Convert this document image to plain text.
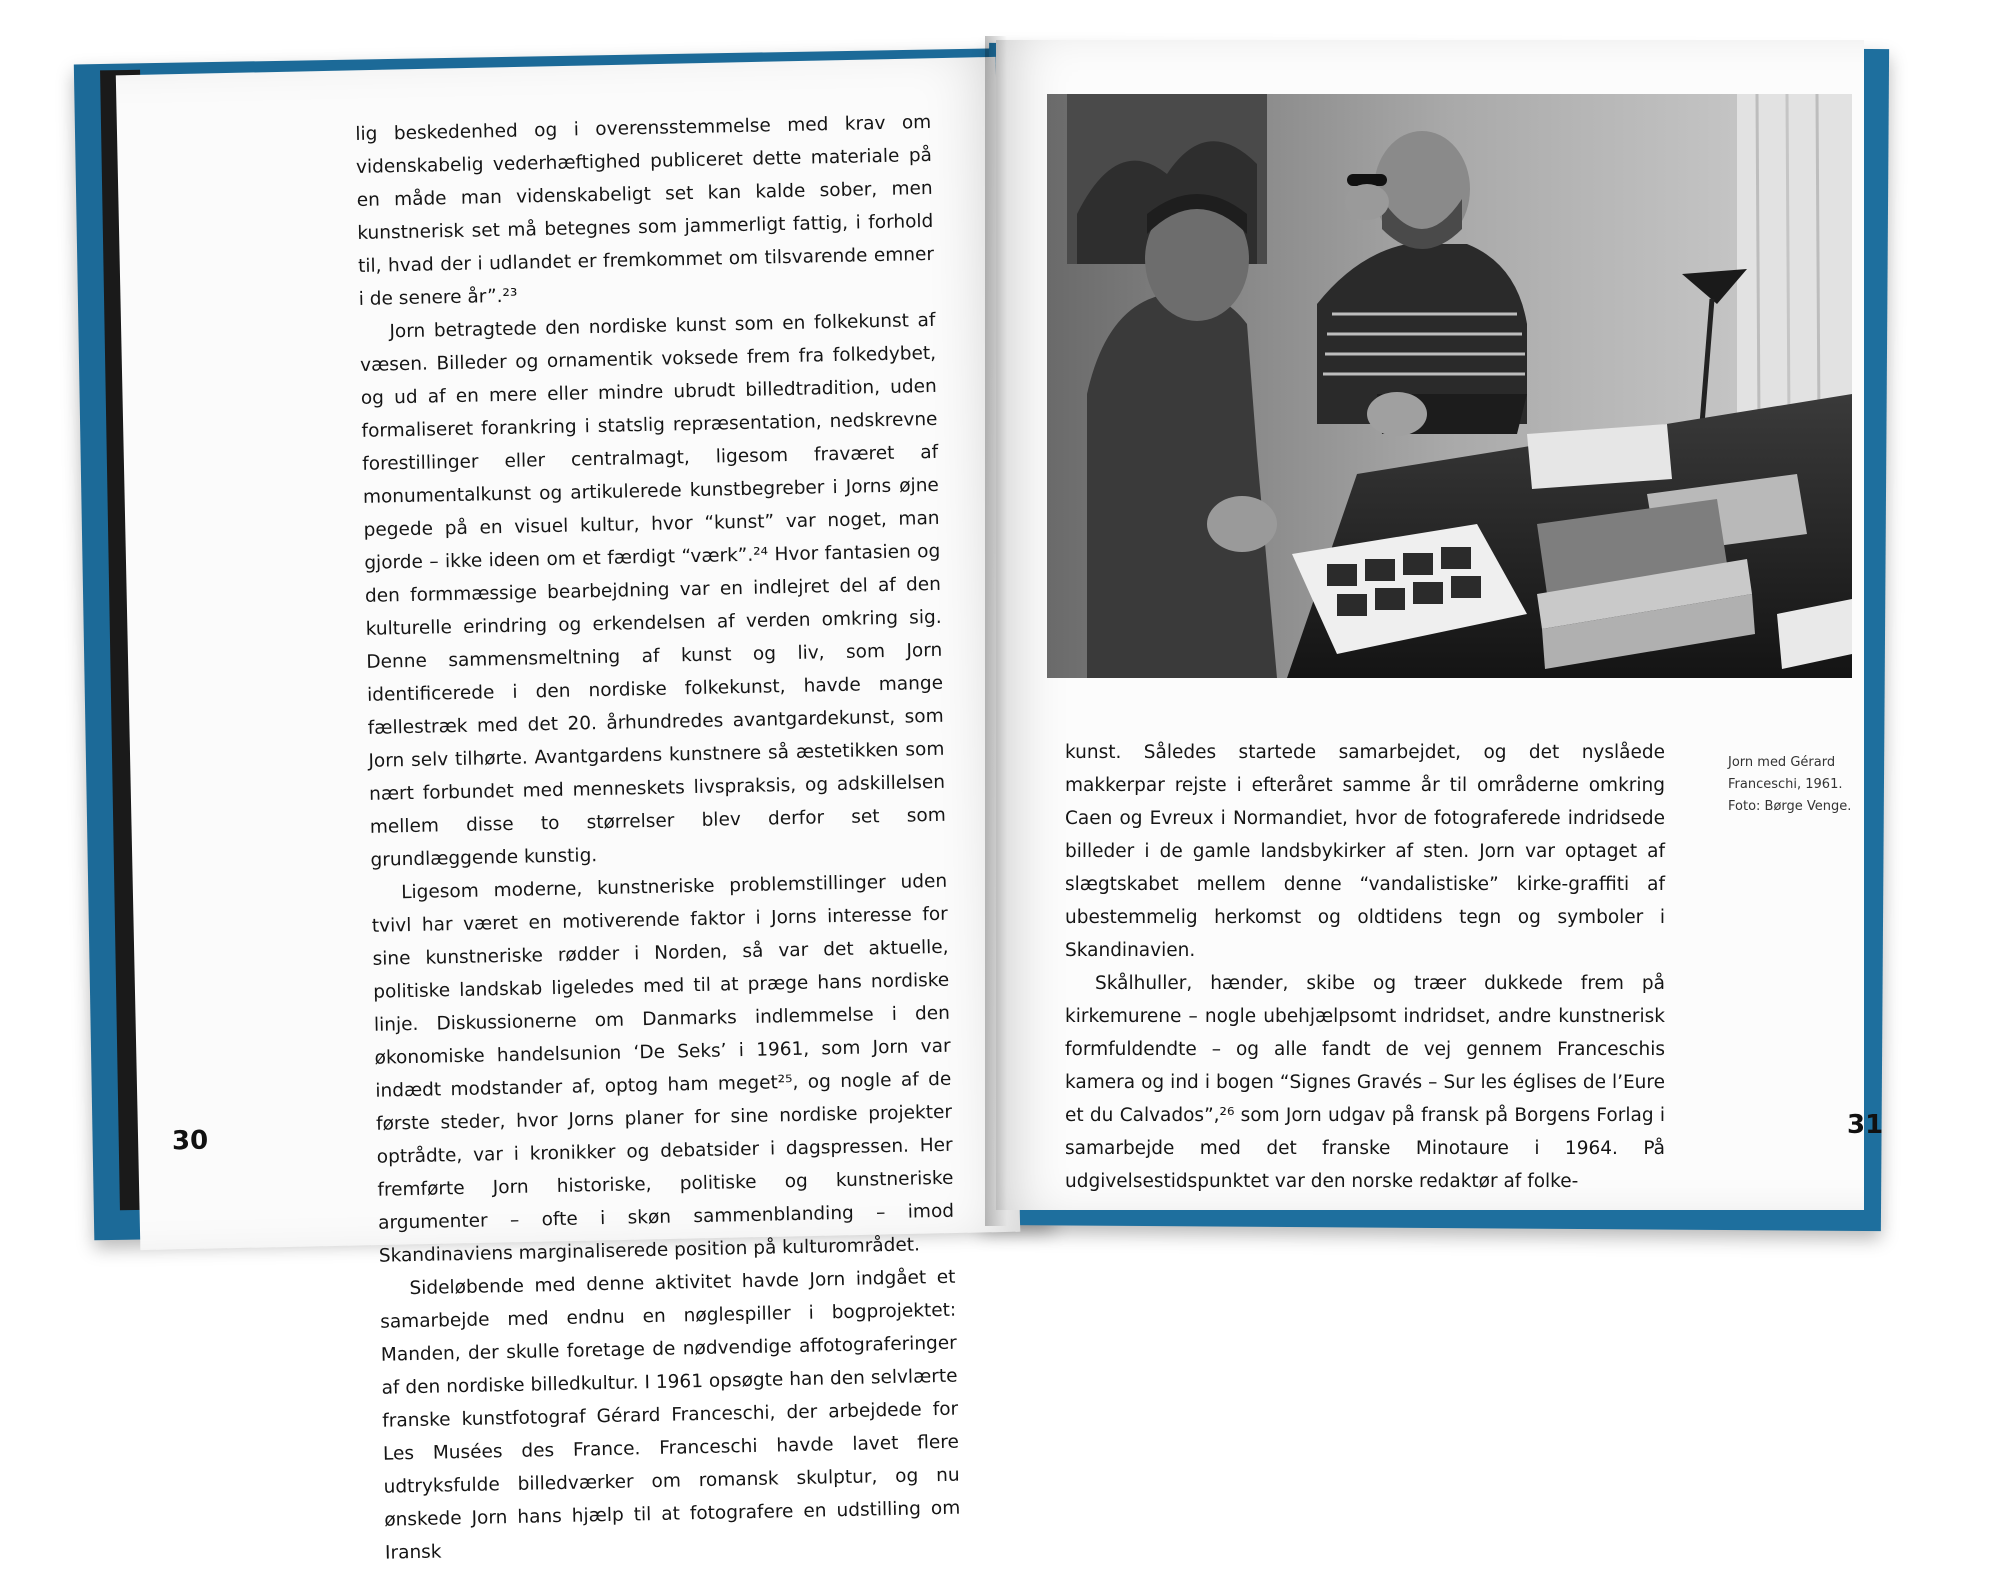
lig beskedenhed og i overensstemmelse med krav om videnskabelig vederhæftighed publiceret dette materiale på en måde man videnskabeligt set kan kalde sober, men kunstnerisk set må betegnes som jammerligt fattig, i forhold til, hvad der i udlandet er fremkommet om tilsvarende emner i de senere år”.²³

Jorn betragtede den nordiske kunst som en folkekunst af væsen. Billeder og ornamentik voksede frem fra folkedybet, og ud af en mere eller mindre ubrudt billedtradition, uden formaliseret forankring i statslig repræsentation, nedskrevne forestillinger eller centralmagt, ligesom fraværet af monumentalkunst og artikulerede kunstbegreber i Jorns øjne pegede på en visuel kultur, hvor “kunst” var noget, man gjorde – ikke ideen om et færdigt “værk”.²⁴ Hvor fantasien og den formmæssige bearbejdning var en indlejret del af den kulturelle erindring og erkendelsen af verden omkring sig. Denne sammensmeltning af kunst og liv, som Jorn identificerede i den nordiske folkekunst, havde mange fællestræk med det 20. århundredes avantgardekunst, som Jorn selv tilhørte. Avantgardens kunstnere så æstetikken som nært forbundet med menneskets livspraksis, og adskillelsen mellem disse to størrelser blev derfor set som grundlæggende kunstig.

Ligesom moderne, kunstneriske problemstillinger uden tvivl har været en motiverende faktor i Jorns interesse for sine kunstneriske rødder i Norden, så var det aktuelle, politiske landskab ligeledes med til at præge hans nordiske linje. Diskussionerne om Danmarks indlemmelse i den økonomiske handelsunion ‘De Seks’ i 1961, som Jorn var indædt modstander af, optog ham meget²⁵, og nogle af de første steder, hvor Jorns planer for sine nordiske projekter optrådte, var i kronikker og debatsider i dagspressen. Her fremførte Jorn historiske, politiske og kunstneriske argumenter – ofte i skøn sammenblanding – imod Skandinaviens marginaliserede position på kulturområdet.

Sideløbende med denne aktivitet havde Jorn indgået et samarbejde med endnu en nøglespiller i bogprojektet: Manden, der skulle foretage de nødvendige affotograferinger af den nordiske billedkultur. I 1961 opsøgte han den selvlærte franske kunstfotograf Gérard Franceschi, der arbejdede for Les Musées des France. Franceschi havde lavet flere udtryksfulde billedværker om romansk skulptur, og nu ønskede Jorn hans hjælp til at fotografere en udstilling om Iransk

30
Jorn med Gérard
Franceschi, 1961.
Foto: Børge Venge.

kunst. Således startede samarbejdet, og det nyslåede makkerpar rejste i efteråret samme år til områderne omkring Caen og Evreux i Normandiet, hvor de fotograferede indridsede billeder i de gamle landsbykirker af sten. Jorn var optaget af slægtskabet mellem denne “vandalistiske” kirke-graffiti af ubestemmelig herkomst og oldtidens tegn og symboler i Skandinavien.

Skålhuller, hænder, skibe og træer dukkede frem på kirkemurene – nogle ubehjælpsomt indridset, andre kunstnerisk formfuldendte – og alle fandt de vej gennem Franceschis kamera og ind i bogen “Signes Gravés – Sur les églises de l’Eure et du Calvados”,²⁶ som Jorn udgav på fransk på Borgens Forlag i samarbejde med det franske Minotaure i 1964. På udgivelsestidspunktet var den norske redaktør af folke-

31
